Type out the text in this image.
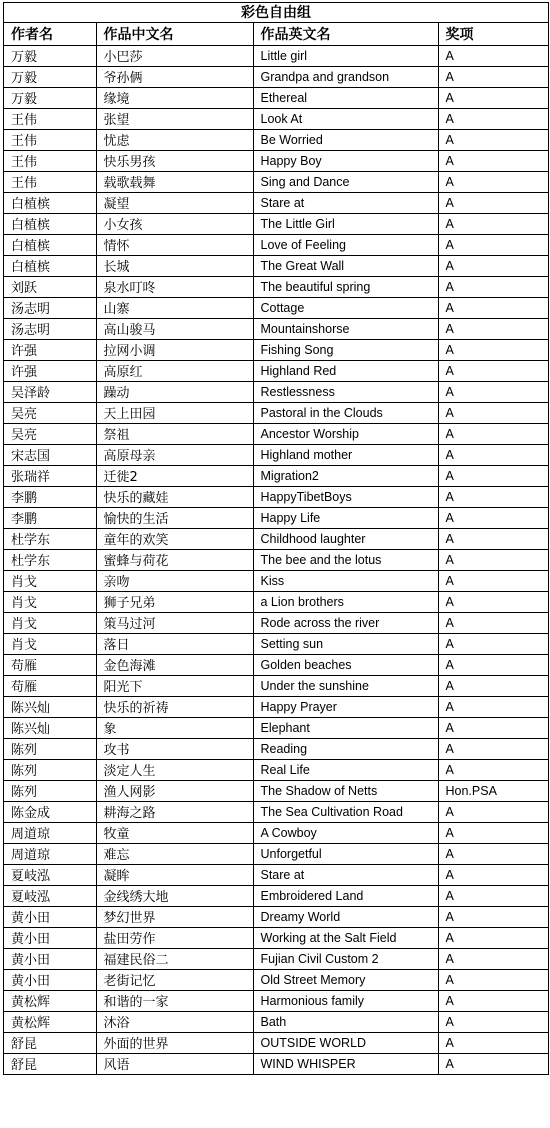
彩色自由组
作者名	作品中文名	作品英文名	奖项
万毅	小巴莎	Little girl	A
万毅	爷孙俩	Grandpa and grandson	A
万毅	缘境	Ethereal	A
王伟	张望	Look At	A
王伟	忧虑	Be Worried	A
王伟	快乐男孩	Happy Boy	A
王伟	载歌载舞	Sing and Dance	A
白植槟	凝望	Stare at	A
白植槟	小女孩	The Little Girl	A
白植槟	情怀	Love of Feeling	A
白植槟	长城	The Great Wall	A
刘跃	泉水叮咚	The beautiful spring	A
汤志明	山寨	Cottage	A
汤志明	高山骏马	Mountainshorse	A
许强	拉网小调	Fishing Song	A
许强	高原红	Highland Red	A
吴泽龄	躁动	Restlessness	A
吴亮	天上田园	Pastoral in the Clouds	A
吴亮	祭祖	Ancestor Worship	A
宋志国	高原母亲	Highland mother	A
张瑞祥	迁徙2	Migration2	A
李鹏	快乐的藏娃	HappyTibetBoys	A
李鹏	愉快的生活	Happy Life	A
杜学东	童年的欢笑	Childhood laughter	A
杜学东	蜜蜂与荷花	The bee and the lotus	A
肖戈	亲吻	Kiss	A
肖戈	狮子兄弟	a Lion brothers	A
肖戈	策马过河	Rode across the river	A
肖戈	落日	Setting sun	A
苟雁	金色海滩	Golden beaches	A
苟雁	阳光下	Under the sunshine	A
陈兴灿	快乐的祈祷	Happy Prayer	A
陈兴灿	象	Elephant	A
陈列	攻书	Reading	A
陈列	淡定人生	Real Life	A
陈列	渔人网影	The Shadow of Netts	Hon.PSA
陈金成	耕海之路	The Sea Cultivation Road	A
周道琼	牧童	A Cowboy	A
周道琼	难忘	Unforgetful	A
夏岐泓	凝眸	Stare at	A
夏岐泓	金线绣大地	Embroidered Land	A
黄小田	梦幻世界	Dreamy World	A
黄小田	盐田劳作	Working at the Salt Field	A
黄小田	福建民俗二	Fujian Civil Custom 2	A
黄小田	老街记忆	Old Street Memory	A
黄松辉	和谐的一家	Harmonious family	A
黄松辉	沐浴	Bath	A
舒昆	外面的世界	OUTSIDE WORLD	A
舒昆	风语	WIND WHISPER	A
